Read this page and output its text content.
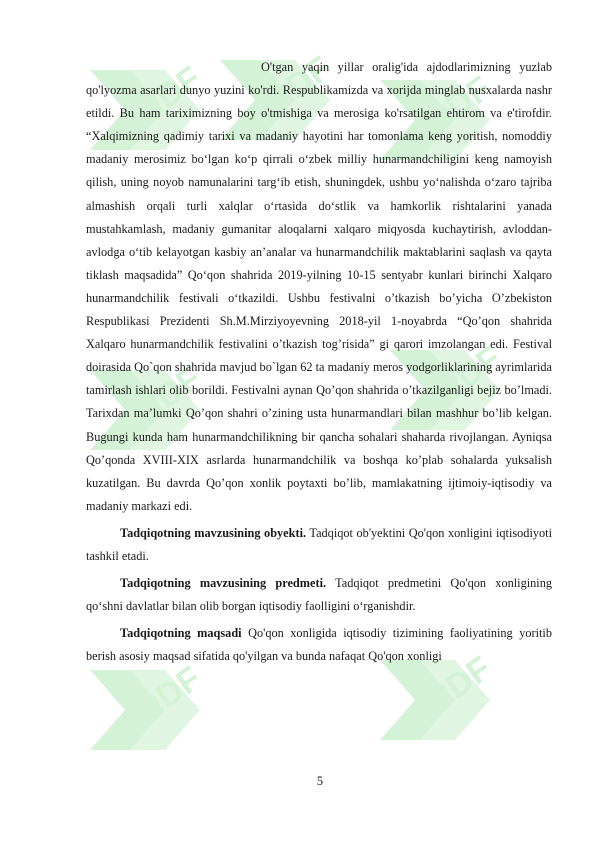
O'tgan yaqin yillar oralig'ida ajdodlarimizning yuzlab qo'lyozma asarlari dunyo yuzini ko'rdi. Respublikamizda va xorijda minglab nusxalarda nashr etildi. Bu ham tariximizning boy o'tmishiga va merosiga ko'rsatilgan ehtirom va e'tirofdir. “Xalqimizning qadimiy tarixi va madaniy hayotini har tomonlama keng yoritish, nomoddiy madaniy merosimiz bo‘lgan ko‘p qirrali o‘zbek milliy hunarmandchiligini keng namoyish qilish, uning noyob namunalarini targ‘ib etish, shuningdek, ushbu yo‘nalishda o‘zaro tajriba almashish orqali turli xalqlar o‘rtasida do‘stlik va hamkorlik rishtalarini yanada mustahkamlash, madaniy gumanitar aloqalarni xalqaro miqyosda kuchaytirish, avloddan-avlodga o‘tib kelayotgan kasbiy an’analar va hunarmandchilik maktablarini saqlash va qayta tiklash maqsadida” Qo‘qon shahrida 2019-yilning 10-15 sentyabr kunlari birinchi Xalqaro hunarmandchilik festivali o‘tkazildi. Ushbu festivalni o’tkazish bo’yicha O’zbekiston Respublikasi Prezidenti Sh.M.Mirziyoyevning 2018-yil 1-noyabrda “Qo’qon shahrida Xalqaro hunarmandchilik festivalini o’tkazish tog’risida” gi qarori imzolangan edi. Festival doirasida Qo`qon shahrida mavjud bo`lgan 62 ta madaniy meros yodgorliklarining ayrimlarida tamirlash ishlari olib borildi. Festivalni aynan Qo’qon shahrida o’tkazilganligi bejiz bo’lmadi. Tarixdan ma’lumki Qo’qon shahri o’zining usta hunarmandlari bilan mashhur bo’lib kelgan. Bugungi kunda ham hunarmandchilikning bir qancha sohalari shaharda rivojlangan. Ayniqsa Qo’qonda XVIII-XIX asrlarda hunarmandchilik va boshqa ko’plab sohalarda yuksalish kuzatilgan. Bu davrda Qo’qon xonlik poytaxti bo’lib, mamlakatning ijtimoiy-iqtisodiy va madaniy markazi edi.

Tadqiqotning mavzusining obyekti. Tadqiqot ob'yektini Qo'qon xonligini iqtisodiyoti tashkil etadi.

Tadqiqotning mavzusining predmeti. Tadqiqot predmetini Qo'qon xonligining qo‘shni davlatlar bilan olib borgan iqtisodiy faolligini o‘rganishdir.

Tadqiqotning maqsadi Qo'qon xonligida iqtisodiy tizimining faoliyatining yoritib berish asosiy maqsad sifatida qo'yilgan va bunda nafaqat Qo'qon xonligi

5
